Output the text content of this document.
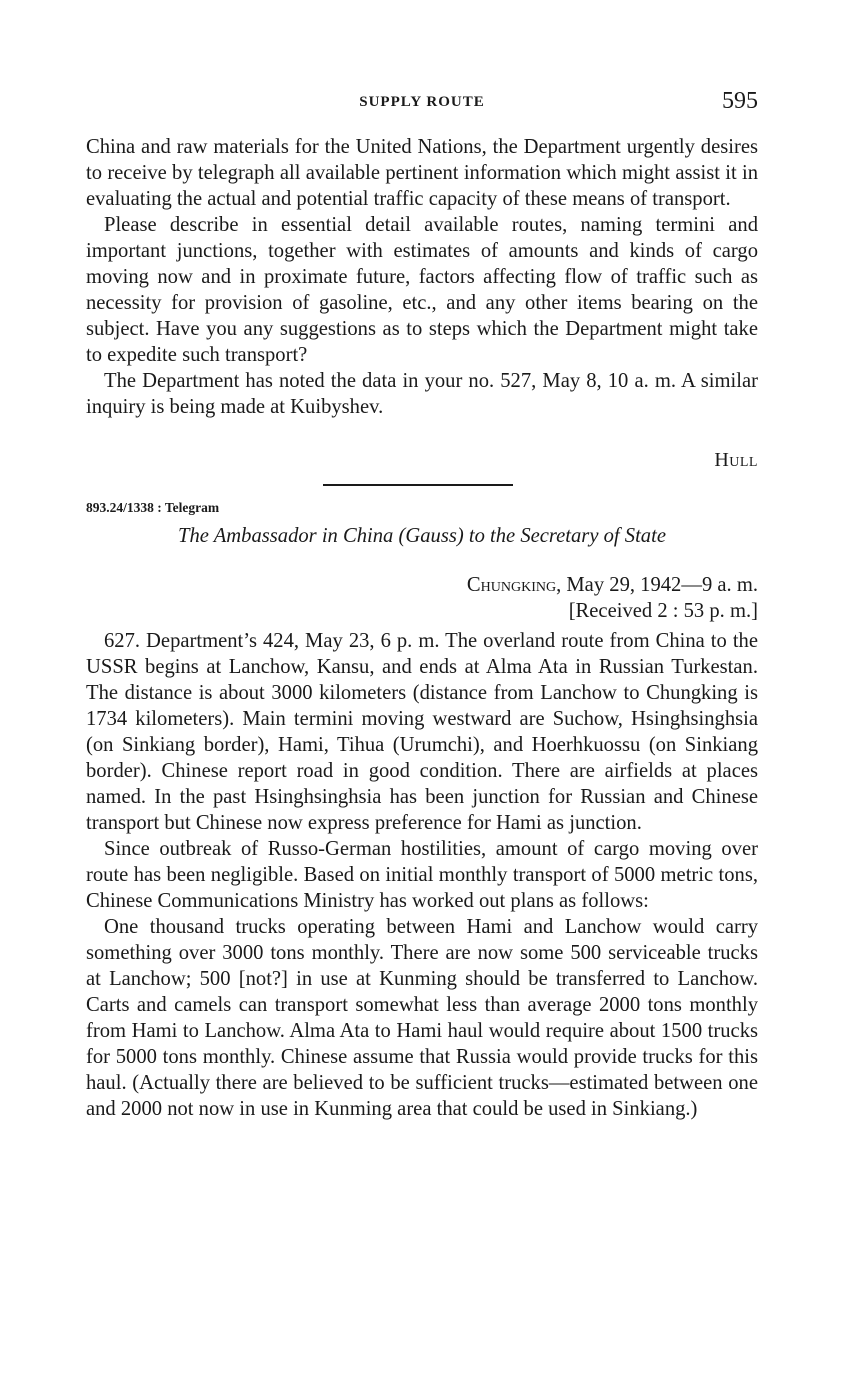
SUPPLY ROUTE	595

China and raw materials for the United Nations, the Department urgently desires to receive by telegraph all available pertinent information which might assist it in evaluating the actual and potential traffic capacity of these means of transport.

Please describe in essential detail available routes, naming termini and important junctions, together with estimates of amounts and kinds of cargo moving now and in proximate future, factors affecting flow of traffic such as necessity for provision of gasoline, etc., and any other items bearing on the subject. Have you any suggestions as to steps which the Department might take to expedite such transport?

The Department has noted the data in your no. 527, May 8, 10 a. m. A similar inquiry is being made at Kuibyshev.

Hull
893.24/1338 : Telegram
The Ambassador in China (Gauss) to the Secretary of State
Chungking, May 29, 1942—9 a. m.
[Received 2 : 53 p. m.]

627. Department’s 424, May 23, 6 p. m. The overland route from China to the USSR begins at Lanchow, Kansu, and ends at Alma Ata in Russian Turkestan. The distance is about 3000 kilometers (distance from Lanchow to Chungking is 1734 kilometers). Main termini moving westward are Suchow, Hsinghsinghsia (on Sinkiang border), Hami, Tihua (Urumchi), and Hoerhkuossu (on Sinkiang border). Chinese report road in good condition. There are airfields at places named. In the past Hsinghsinghsia has been junction for Russian and Chinese transport but Chinese now express preference for Hami as junction.

Since outbreak of Russo-German hostilities, amount of cargo moving over route has been negligible. Based on initial monthly transport of 5000 metric tons, Chinese Communications Ministry has worked out plans as follows:

One thousand trucks operating between Hami and Lanchow would carry something over 3000 tons monthly. There are now some 500 serviceable trucks at Lanchow; 500 [not?] in use at Kunming should be transferred to Lanchow. Carts and camels can transport somewhat less than average 2000 tons monthly from Hami to Lanchow. Alma Ata to Hami haul would require about 1500 trucks for 5000 tons monthly. Chinese assume that Russia would provide trucks for this haul. (Actually there are believed to be sufficient trucks—estimated between one and 2000 not now in use in Kunming area that could be used in Sinkiang.)
